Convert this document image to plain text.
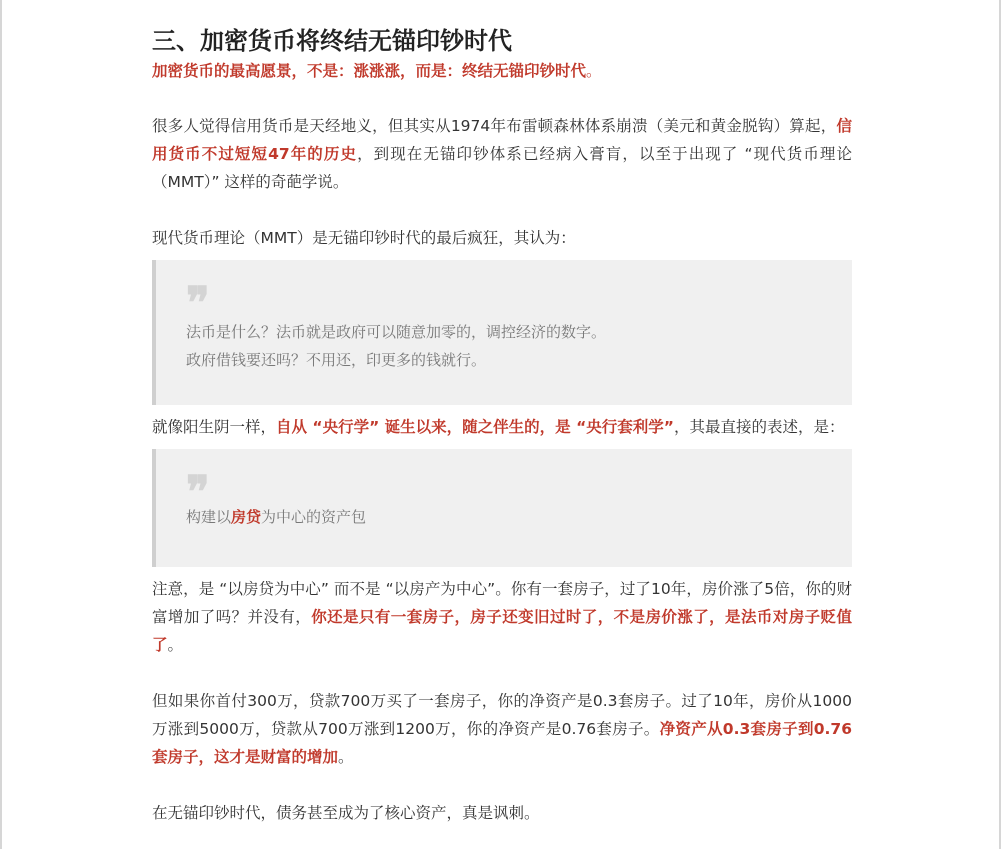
三、加密货币将终结无锚印钞时代
加密货币的最高愿景，不是：涨涨涨，而是：终结无锚印钞时代。

很多人觉得信用货币是天经地义，但其实从1974年布雷顿森林体系崩溃（美元和黄金脱钩）算起，信用货币不过短短47年的历史，到现在无锚印钞体系已经病入膏肓，以至于出现了 “现代货币理论（MMT）” 这样的奇葩学说。

现代货币理论（MMT）是无锚印钞时代的最后疯狂，其认为：

❞
法币是什么？法币就是政府可以随意加零的，调控经济的数字。
政府借钱要还吗？不用还，印更多的钱就行。

就像阳生阴一样，自从 “央行学” 诞生以来，随之伴生的，是 “央行套利学”，其最直接的表述，是：

❞
构建以房贷为中心的资产包

注意，是 “以房贷为中心” 而不是 “以房产为中心”。你有一套房子，过了10年，房价涨了5倍，你的财富增加了吗？并没有，你还是只有一套房子，房子还变旧过时了，不是房价涨了，是法币对房子贬值了。

但如果你首付300万，贷款700万买了一套房子，你的净资产是0.3套房子。过了10年，房价从1000万涨到5000万，贷款从700万涨到1200万，你的净资产是0.76套房子。净资产从0.3套房子到0.76套房子，这才是财富的增加。

在无锚印钞时代，债务甚至成为了核心资产，真是讽刺。
